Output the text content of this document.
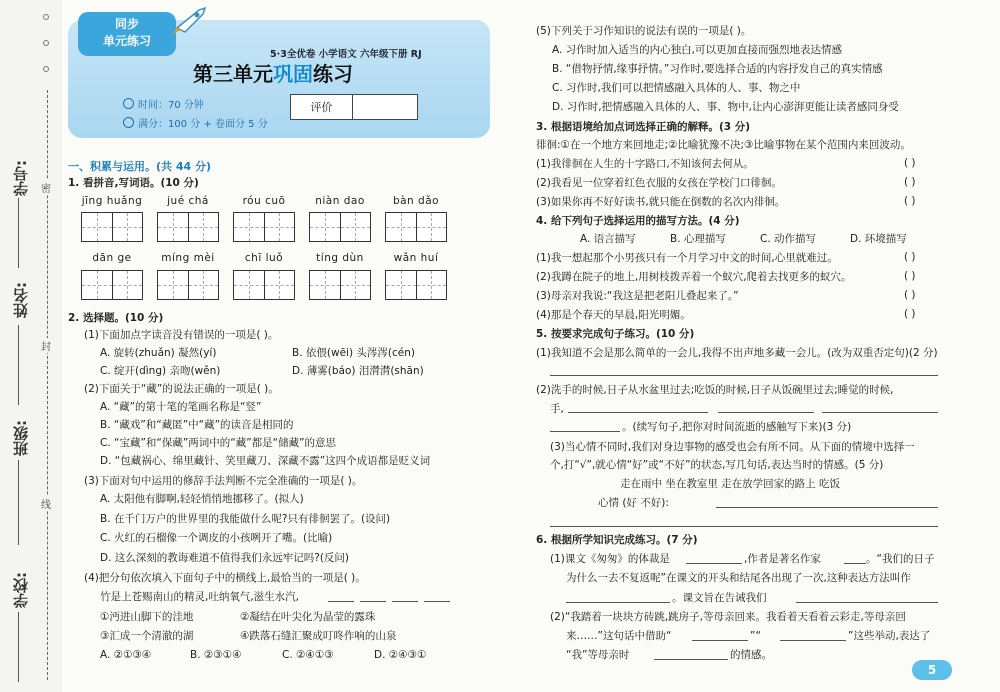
密
封
线
学号:
姓名:
班级:
学校:
同步
单元练习
5·3全优卷 小学语文 六年级下册 RJ
第三单元巩固练习
时间：70 分钟
满分：100 分 + 卷面分 5 分
评价
一、积累与运用。(共 44 分)
1. 看拼音,写词语。(10 分)
jīng huǎng	jué chá	róu cuō	niàn dao	bàn dǎo
dān ge	míng mèi	chī luǒ	tíng dùn	wǎn huí
2. 选择题。(10 分)
(1)下面加点字读音没有错误的一项是( )。
A. 旋转(zhuǎn) 凝然(yí)	B. 依偎(wēi) 头涔涔(cén)
C. 绽开(dìng) 亲吻(wěn)	D. 薄雾(báo) 泪潸潸(shān)
(2)下面关于“藏”的说法正确的一项是( )。
A. “藏”的第十笔的笔画名称是“竖”
B. “藏戏”和“藏匿”中“藏”的读音是相同的
C. “宝藏”和“保藏”两词中的“藏”都是“储藏”的意思
D. “包藏祸心、绵里藏针、笑里藏刀、深藏不露”这四个成语都是贬义词
(3)下面对句中运用的修辞手法判断不完全准确的一项是( )。
A. 太阳他有脚啊,轻轻悄悄地挪移了。(拟人)
B. 在千门万户的世界里的我能做什么呢?只有徘徊罢了。(设问)
C. 火红的石榴像一个调皮的小孩咧开了嘴。(比喻)
D. 这么深刻的教诲难道不值得我们永远牢记吗?(反问)
(4)把分句依次填入下面句子中的横线上,最恰当的一项是( )。
竹是上苍赐南山的精灵,吐纳氧气,滋生水汽,
①沔进山脚下的洼地	②凝结在叶尖化为晶莹的露珠
③汇成一个清澈的湖	④跌落石缝汇聚成叮咚作响的山泉
A. ②①③④	B. ②③①④	C. ②④①③	D. ②④③①
(5)下列关于习作知识的说法有误的一项是( )。
A. 习作时加入适当的内心独白,可以更加直接而强烈地表达情感
B. “借物抒情,缘事抒情。”习作时,要选择合适的内容抒发自己的真实情感
C. 习作时,我们可以把情感融入具体的人、事、物之中
D. 习作时,把情感融入具体的人、事、物中,让内心澎湃更能让读者感同身受
3. 根据语境给加点词选择正确的解释。(3 分)
徘徊:①在一个地方来回地走;②比喻犹豫不决;③比喻事物在某个范围内来回波动。
(1)我徘徊在人生的十字路口,不知该何去何从。	( )
(2)我看见一位穿着红色衣服的女孩在学校门口徘徊。	( )
(3)如果你再不好好读书,就只能在倒数的名次内徘徊。	( )
4. 给下列句子选择运用的描写方法。(4 分)
A. 语言描写	B. 心理描写	C. 动作描写	D. 环境描写
(1)我一想起那个小男孩只有一个月学习中文的时间,心里就难过。	( )
(2)我蹲在院子的地上,用树枝拨弄着一个蚁穴,爬着去找更多的蚁穴。	( )
(3)母亲对我说:“我这是把老阳儿叠起来了。”	( )
(4)那是个春天的早晨,阳光明媚。	( )
5. 按要求完成句子练习。(10 分)
(1)我知道不会是那么简单的一会儿,我得不出声地多藏一会儿。(改为双重否定句)(2 分)
(2)洗手的时候,日子从水盆里过去;吃饭的时候,日子从饭碗里过去;睡觉的时候,
手,
。(续写句子,把你对时间流逝的感触写下来)(3 分)
(3)当心情不同时,我们对身边事物的感受也会有所不同。从下面的情境中选择一
个,打“√”,就心情“好”或“不好”的状态,写几句话,表达当时的情感。(5 分)
走在雨中 坐在教室里 走在放学回家的路上 吃饭
心情 (好 不好):
6. 根据所学知识完成练习。(7 分)
(1)课文《匆匆》的体裁是	,作者是著名作家	。“我们的日子
为什么一去不复返呢”在课文的开头和结尾各出现了一次,这种表达方法叫作
。课文旨在告诫我们
(2)“我踏着一块块方砖跳,跳房子,等母亲回来。我看着天看着云彩走,等母亲回
来……”这句话中借助“	”“	”这些举动,表达了
“我”等母亲时	的情感。
5
